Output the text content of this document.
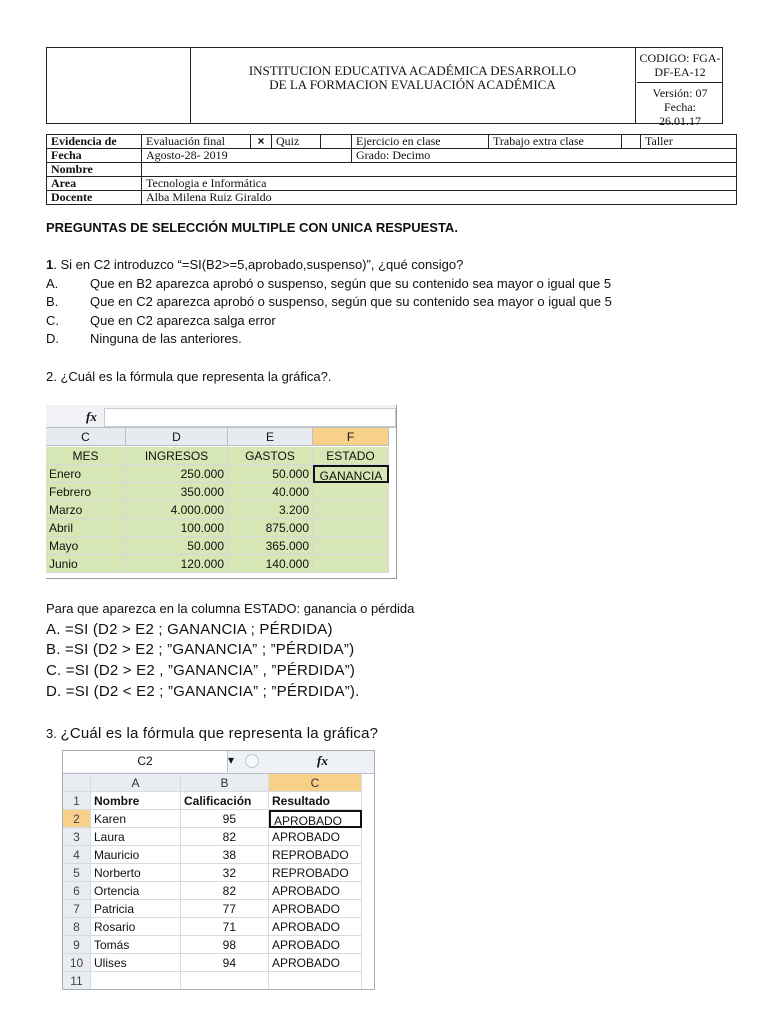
INSTITUCION EDUCATIVA ACADÉMICA DESARROLLO
DE LA FORMACION EVALUACIÓN ACADÉMICA
CODIGO: FGA-
DF-EA-12
Versión: 07 Fecha:
26.01.17
Evidencia de	Evaluación final	×	Quiz		Ejercicio en clase	Trabajo extra clase		Taller
Fecha	Agosto-28- 2019				Grado: Decimo			
Nombre								
Area	Tecnologia e Informática							
Docente	Alba Milena Ruiz Giraldo							
PREGUNTAS DE SELECCIÓN MULTIPLE CON UNICA RESPUESTA.
1. Si en C2 introduzco “=SI(B2>=5,aprobado,suspenso)”, ¿qué consigo?
A. Que en B2 aparezca aprobó o suspenso, según que su contenido sea mayor o igual que 5
B. Que en C2 aparezca aprobó o suspenso, según que su contenido sea mayor o igual que 5
C. Que en C2 aparezca salga error
D. Ninguna de las anteriores.
2. ¿Cuál es la fórmula que representa la gráfica?.
fx
C	D	E	F
MES	INGRESOS	GASTOS	ESTADO
Enero	250.000	50.000 GANANCIA
Febrero	350.000	40.000
Marzo	4.000.000	3.200
Abril	100.000	875.000
Mayo	50.000	365.000
Junio	120.000	140.000
Para que aparezca en la columna ESTADO: ganancia o pérdida
A. =SI (D2 > E2 ; GANANCIA ; PÉRDIDA)
B. =SI (D2 > E2 ; ”GANANCIA” ; ”PÉRDIDA”)
C. =SI (D2 > E2 , ”GANANCIA” , ”PÉRDIDA”)
D. =SI (D2 < E2 ; ”GANANCIA” ; ”PÉRDIDA”).
3. ¿Cuál es la fórmula que representa la gráfica?
C2	▾	fx
A	B	C
1	Nombre	Calificación	Resultado
2	Karen	95	APROBADO
3	Laura	82	APROBADO
4	Mauricio	38	REPROBADO
5	Norberto	32	REPROBADO
6	Ortencia	82	APROBADO
7	Patricia	77	APROBADO
8	Rosario	71	APROBADO
9	Tomás	98	APROBADO
10 Ulises	94	APROBADO
11
